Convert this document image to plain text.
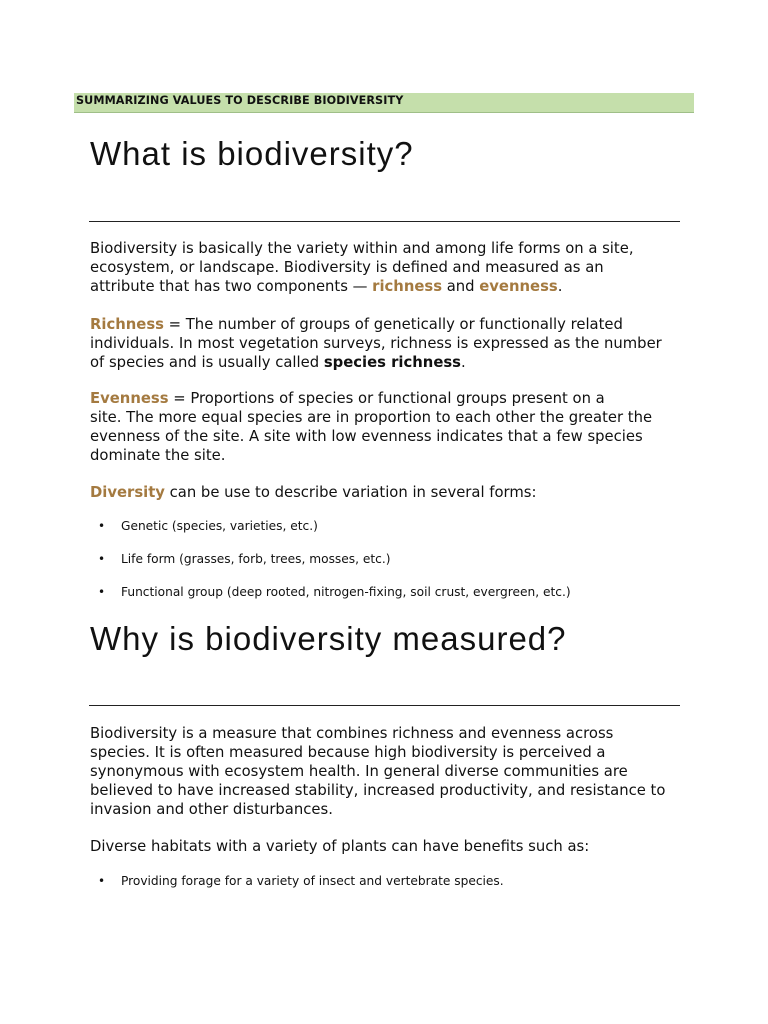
SUMMARIZING VALUES TO DESCRIBE BIODIVERSITY
What is biodiversity?

Biodiversity is basically the variety within and among life forms on a site,
ecosystem, or landscape. Biodiversity is defined and measured as an
attribute that has two components — richness and evenness.

Richness = The number of groups of genetically or functionally related
individuals. In most vegetation surveys, richness is expressed as the number
of species and is usually called species richness.

Evenness = Proportions of species or functional groups present on a
site. The more equal species are in proportion to each other the greater the
evenness of the site. A site with low evenness indicates that a few species
dominate the site.

Diversity can be use to describe variation in several forms:

• Genetic (species, varieties, etc.)
• Life form (grasses, forb, trees, mosses, etc.)
• Functional group (deep rooted, nitrogen-fixing, soil crust, evergreen, etc.)
Why is biodiversity measured?

Biodiversity is a measure that combines richness and evenness across
species. It is often measured because high biodiversity is perceived a
synonymous with ecosystem health. In general diverse communities are
believed to have increased stability, increased productivity, and resistance to
invasion and other disturbances.

Diverse habitats with a variety of plants can have benefits such as:

• Providing forage for a variety of insect and vertebrate species.
